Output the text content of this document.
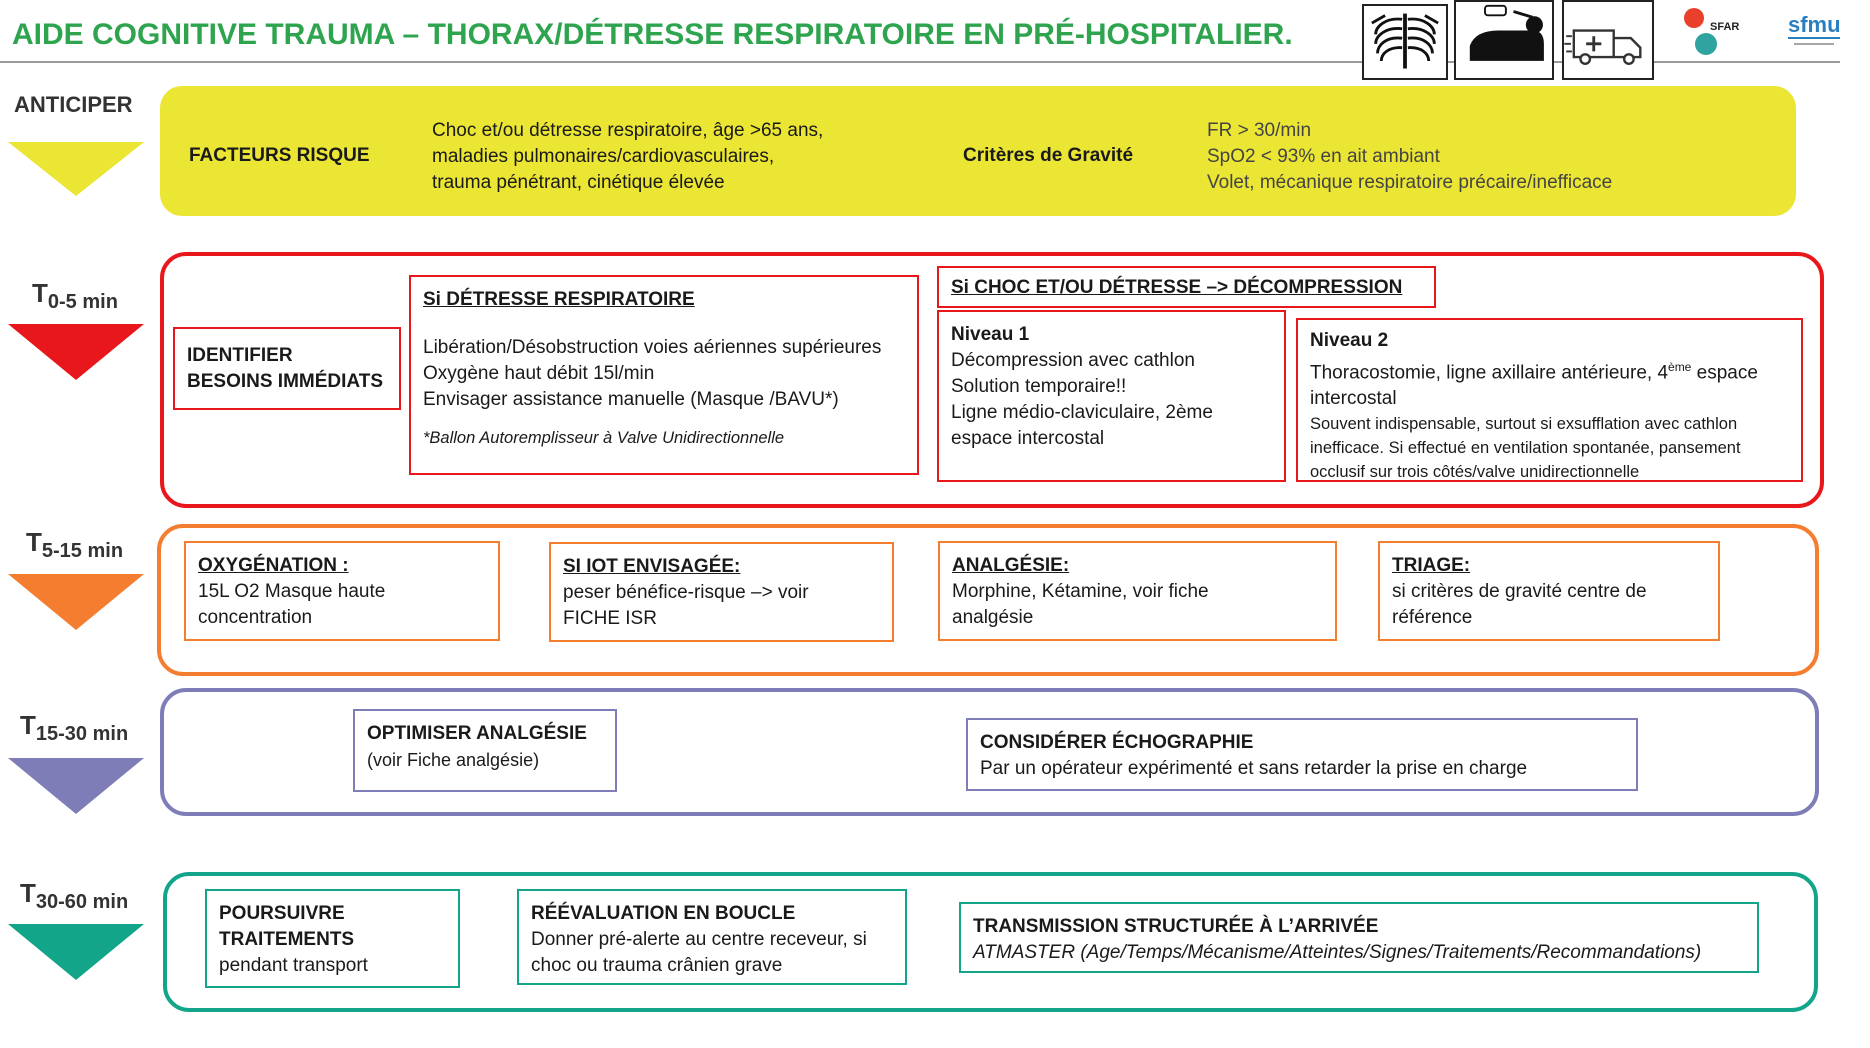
AIDE COGNITIVE TRAUMA – THORAX/DÉTRESSE RESPIRATOIRE EN PRÉ-HOSPITALIER.	SFAR sfmu
ANTICIPER
FACTEURS RISQUE
Choc et/ou détresse respiratoire, âge >65 ans,
maladies pulmonaires/cardiovasculaires,
trauma pénétrant, cinétique élevée
Critères de Gravité
FR > 30/min
SpO2 < 93% en ait ambiant
Volet, mécanique respiratoire précaire/inefficace
$T_{0-5 min}$
IDENTIFIER
BESOINS IMMÉDIATS
Si DÉTRESSE RESPIRATOIRE
Libération/Désobstruction voies aériennes supérieures
Oxygène haut débit 15l/min
Envisager assistance manuelle (Masque /BAVU*)
*Ballon Autoremplisseur à Valve Unidirectionnelle
Si CHOC ET/OU DÉTRESSE –> DÉCOMPRESSION
Niveau 1
Décompression avec cathlon
Solution temporaire!!
Ligne médio-claviculaire, 2ème
espace intercostal
Niveau 2
Thoracostomie, ligne axillaire antérieure, 4ème espace
intercostal
Souvent indispensable, surtout si exsufflation avec cathlon
inefficace. Si effectué en ventilation spontanée, pansement
occlusif sur trois côtés/valve unidirectionnelle
$T_{5-15 min}$
OXYGÉNATION :
15L O2 Masque haute
concentration
SI IOT ENVISAGÉE:
peser bénéfice-risque –> voir
FICHE ISR
ANALGÉSIE:
Morphine, Kétamine, voir fiche
analgésie
TRIAGE:
si critères de gravité centre de
référence
$T_{15-30 min}$	OPTIMISER ANALGÉSIE
(voir Fiche analgésie)
CONSIDÉRER ÉCHOGRAPHIE
Par un opérateur expérimenté et sans retarder la prise en charge
$T_{30-60 min}$
POURSUIVRE
TRAITEMENTS
pendant transport
RÉÉVALUATION EN BOUCLE
Donner pré-alerte au centre receveur, si
choc ou trauma crânien grave
TRANSMISSION STRUCTURÉE À L’ARRIVÉE
ATMASTER (Age/Temps/Mécanisme/Atteintes/Signes/Traitements/Recommandations)
